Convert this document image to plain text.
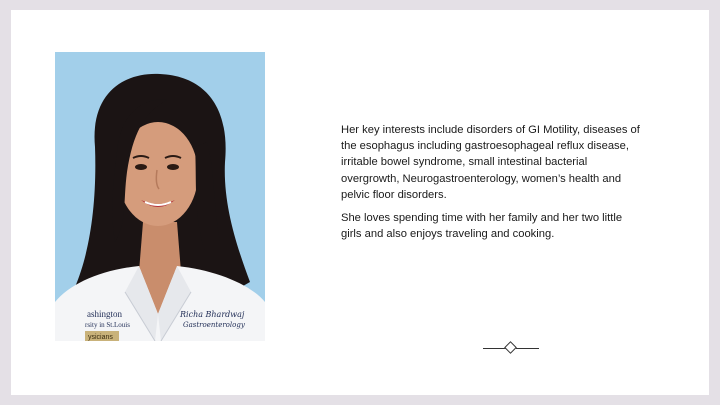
ashington
rsity in St.Louis
ysicians
Richa Bhardwaj
Gastroenterology

Her key interests include disorders of GI Motility, diseases of the esophagus including gastroesophageal reflux disease, irritable bowel syndrome, small intestinal bacterial overgrowth, Neurogastroenterology, women’s health and pelvic floor disorders.

She loves spending time with her family and her two little girls and also enjoys traveling and cooking.
